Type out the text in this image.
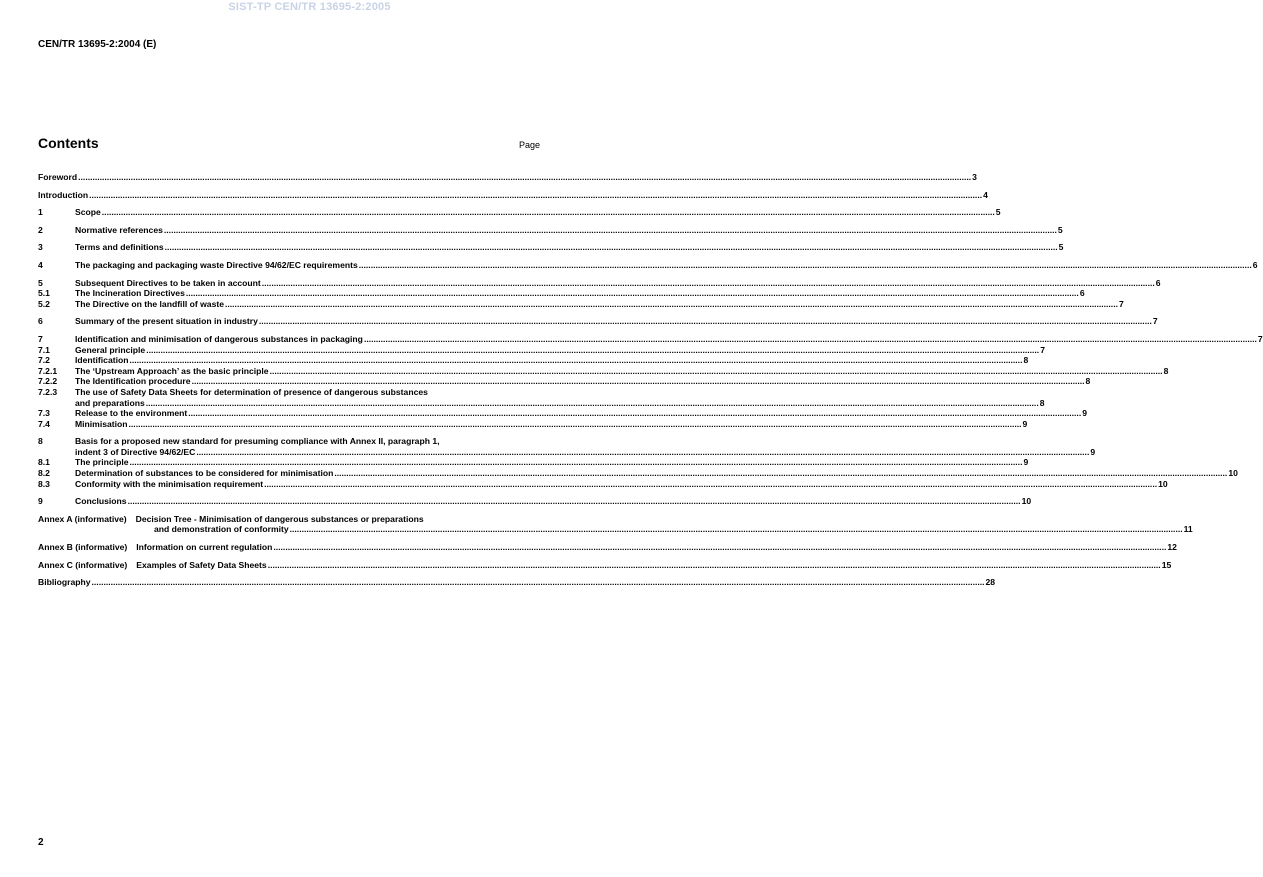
SIST-TP CEN/TR 13695-2:2005
CEN/TR 13695-2:2004 (E)
Contents	Page
Foreword .....	3
Introduction .....	4
1	Scope .....	5
2	Normative references .....	5
3	Terms and definitions .....	5
4	The packaging and packaging waste Directive 94/62/EC requirements .....	6
5	Subsequent Directives to be taken in account .....	6
5.1	The Incineration Directives .....	6
5.2	The Directive on the landfill of waste .....	7
6	Summary of the present situation in industry .....	7
7	Identification and minimisation of dangerous substances in packaging .....	7
7.1	General principle .....	7
7.2	Identification .....	8
7.2.1	The ‘Upstream Approach’ as the basic principle .....	8
7.2.2	The Identification procedure .....	8
7.2.3	The use of Safety Data Sheets for determination of presence of dangerous substances
and preparations .....	8
7.3	Release to the environment .....	9
7.4	Minimisation .....	9
8	Basis for a proposed new standard for presuming compliance with Annex II, paragraph 1,
indent 3 of Directive 94/62/EC .....	9
8.1	The principle .....	9
8.2	Determination of substances to be considered for minimisation .....	10
8.3	Conformity with the minimisation requirement .....	10
9	Conclusions .....	10
Annex A (informative)	Decision Tree - Minimisation of dangerous substances or preparations
and demonstration of conformity .....	11
Annex B (informative)	Information on current regulation .....	12
Annex C (informative)	Examples of Safety Data Sheets .....	15
Bibliography .....	28
2
